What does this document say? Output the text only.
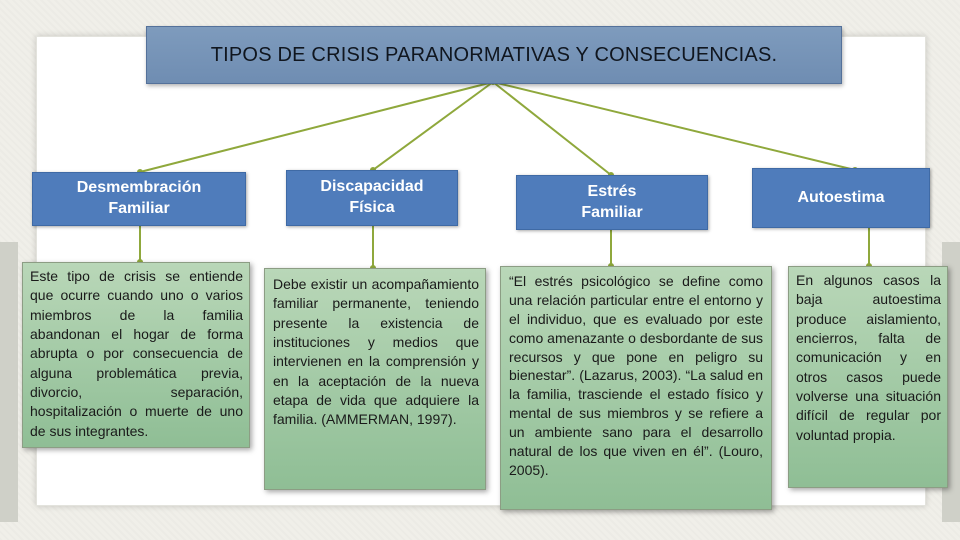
TIPOS DE CRISIS PARANORMATIVAS Y CONSECUENCIAS.
Desmembración Familiar
Discapacidad Física
Estrés Familiar
Autoestima
Este tipo de crisis se entiende que ocurre cuando uno o varios miembros de la familia abandonan el hogar de forma abrupta o por consecuencia de alguna problemática previa, divorcio, separación, hospitalización o muerte de uno de sus integrantes.
Debe existir un acompañamiento familiar permanente, teniendo presente la existencia de instituciones y medios que intervienen en la comprensión y en la aceptación de la nueva etapa de vida que adquiere la familia. (AMMERMAN, 1997).
“El estrés psicológico se define como una relación particular entre el entorno y el individuo, que es evaluado por este como amenazante o desbordante de sus recursos y que pone en peligro su bienestar”. (Lazarus, 2003). “La salud en la familia, trasciende el estado físico y mental de sus miembros y se refiere a un ambiente sano para el desarrollo natural de los que viven en él”. (Louro, 2005).
En algunos casos la baja autoestima produce aislamiento, encierros, falta de comunicación y en otros casos puede volverse una situación difícil de regular por voluntad propia.
